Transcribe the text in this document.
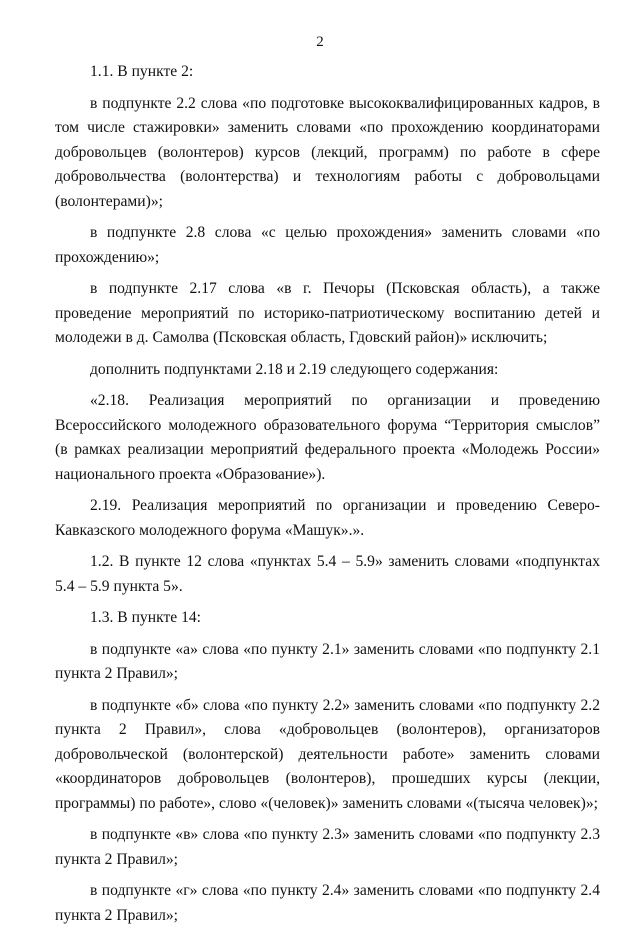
2

1.1. В пункте 2:

в подпункте 2.2 слова «по подготовке высококвалифицированных кадров, в том числе стажировки» заменить словами «по прохождению координаторами добровольцев (волонтеров) курсов (лекций, программ) по работе в сфере добровольчества (волонтерства) и технологиям работы с добровольцами (волонтерами)»;

в подпункте 2.8 слова «с целью прохождения» заменить словами «по прохождению»;

в подпункте 2.17 слова «в г. Печоры (Псковская область), а также проведение мероприятий по историко-патриотическому воспитанию детей и молодежи в д. Самолва (Псковская область, Гдовский район)» исключить;

дополнить подпунктами 2.18 и 2.19 следующего содержания:

«2.18. Реализация мероприятий по организации и проведению Всероссийского молодежного образовательного форума “Территория смыслов” (в рамках реализации мероприятий федерального проекта «Молодежь России» национального проекта «Образование»).

2.19. Реализация мероприятий по организации и проведению Северо-Кавказского молодежного форума «Машук».».

1.2. В пункте 12 слова «пунктах 5.4 – 5.9» заменить словами «подпунктах 5.4 – 5.9 пункта 5».

1.3. В пункте 14:

в подпункте «а» слова «по пункту 2.1» заменить словами «по подпункту 2.1 пункта 2 Правил»;

в подпункте «б» слова «по пункту 2.2» заменить словами «по подпункту 2.2 пункта 2 Правил», слова «добровольцев (волонтеров), организаторов добровольческой (волонтерской) деятельности работе» заменить словами «координаторов добровольцев (волонтеров), прошедших курсы (лекции, программы) по работе», слово «(человек)» заменить словами «(тысяча человек)»;

в подпункте «в» слова «по пункту 2.3» заменить словами «по подпункту 2.3 пункта 2 Правил»;

в подпункте «г» слова «по пункту 2.4» заменить словами «по подпункту 2.4 пункта 2 Правил»;
